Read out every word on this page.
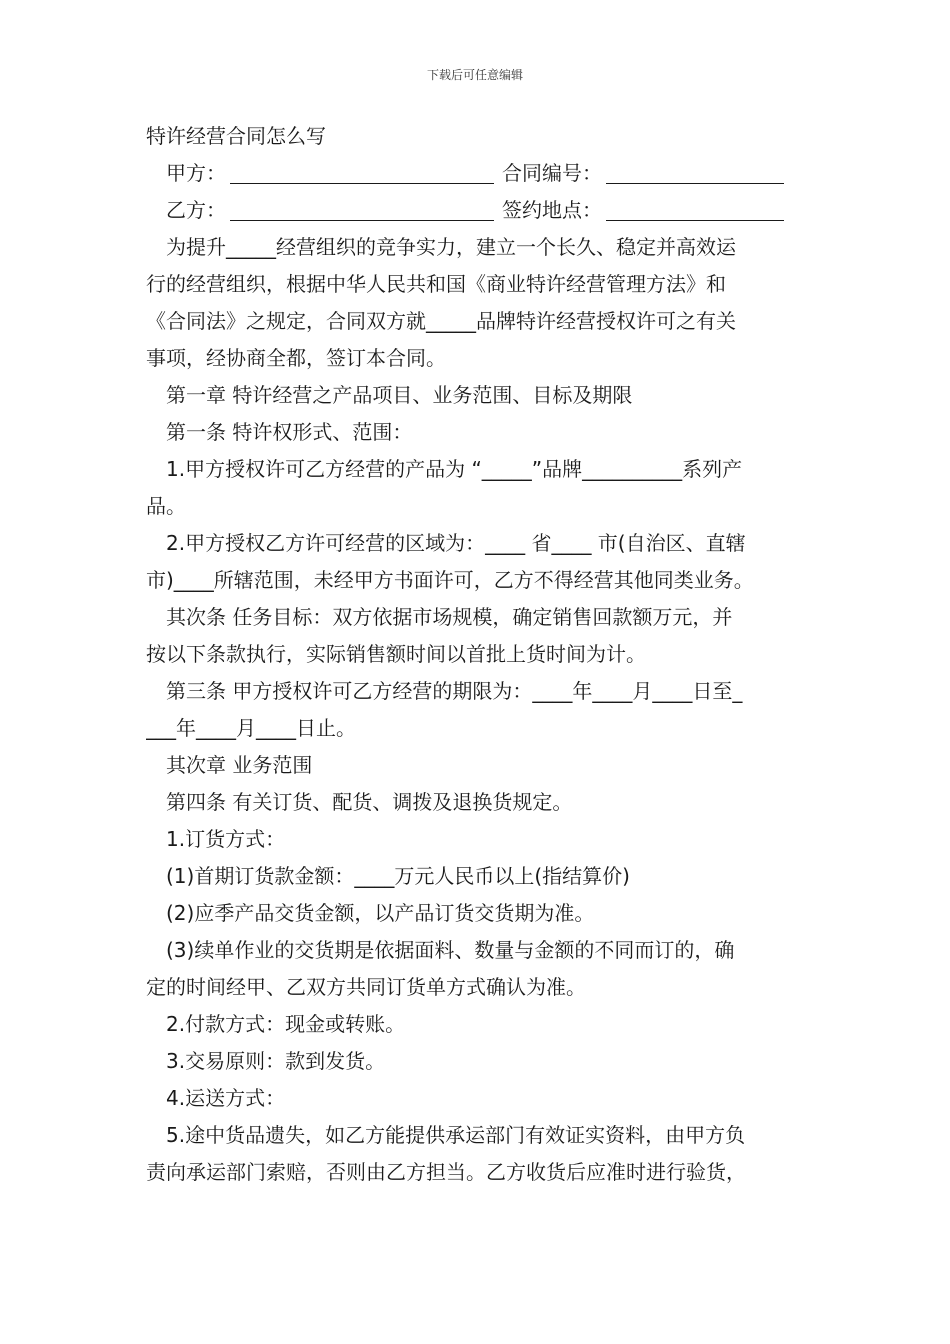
下载后可任意编辑
特许经营合同怎么写
甲方：	合同编号：
乙方：	签约地点：
为提升_____经营组织的竞争实力，建立一个长久、稳定并高效运
行的经营组织，根据中华人民共和国《商业特许经营管理方法》和
《合同法》之规定，合同双方就_____品牌特许经营授权许可之有关
事项，经协商全都，签订本合同。
第一章 特许经营之产品项目、业务范围、目标及期限
第一条 特许权形式、范围：
1.甲方授权许可乙方经营的产品为 “_____”品牌__________系列产
品。
2.甲方授权乙方许可经营的区域为：____ 省____ 市(自治区、直辖
市)____所辖范围，未经甲方书面许可，乙方不得经营其他同类业务。
其次条 任务目标：双方依据市场规模，确定销售回款额万元，并
按以下条款执行，实际销售额时间以首批上货时间为计。
第三条 甲方授权许可乙方经营的期限为：____年____月____日至_
___年____月____日止。
其次章 业务范围
第四条 有关订货、配货、调拨及退换货规定。
1.订货方式：
(1)首期订货款金额：____万元人民币以上(指结算价)
(2)应季产品交货金额，以产品订货交货期为准。
(3)续单作业的交货期是依据面料、数量与金额的不同而订的，确
定的时间经甲、乙双方共同订货单方式确认为准。
2.付款方式：现金或转账。
3.交易原则：款到发货。
4.运送方式：
5.途中货品遗失，如乙方能提供承运部门有效证实资料，由甲方负
责向承运部门索赔，否则由乙方担当。乙方收货后应准时进行验货，
